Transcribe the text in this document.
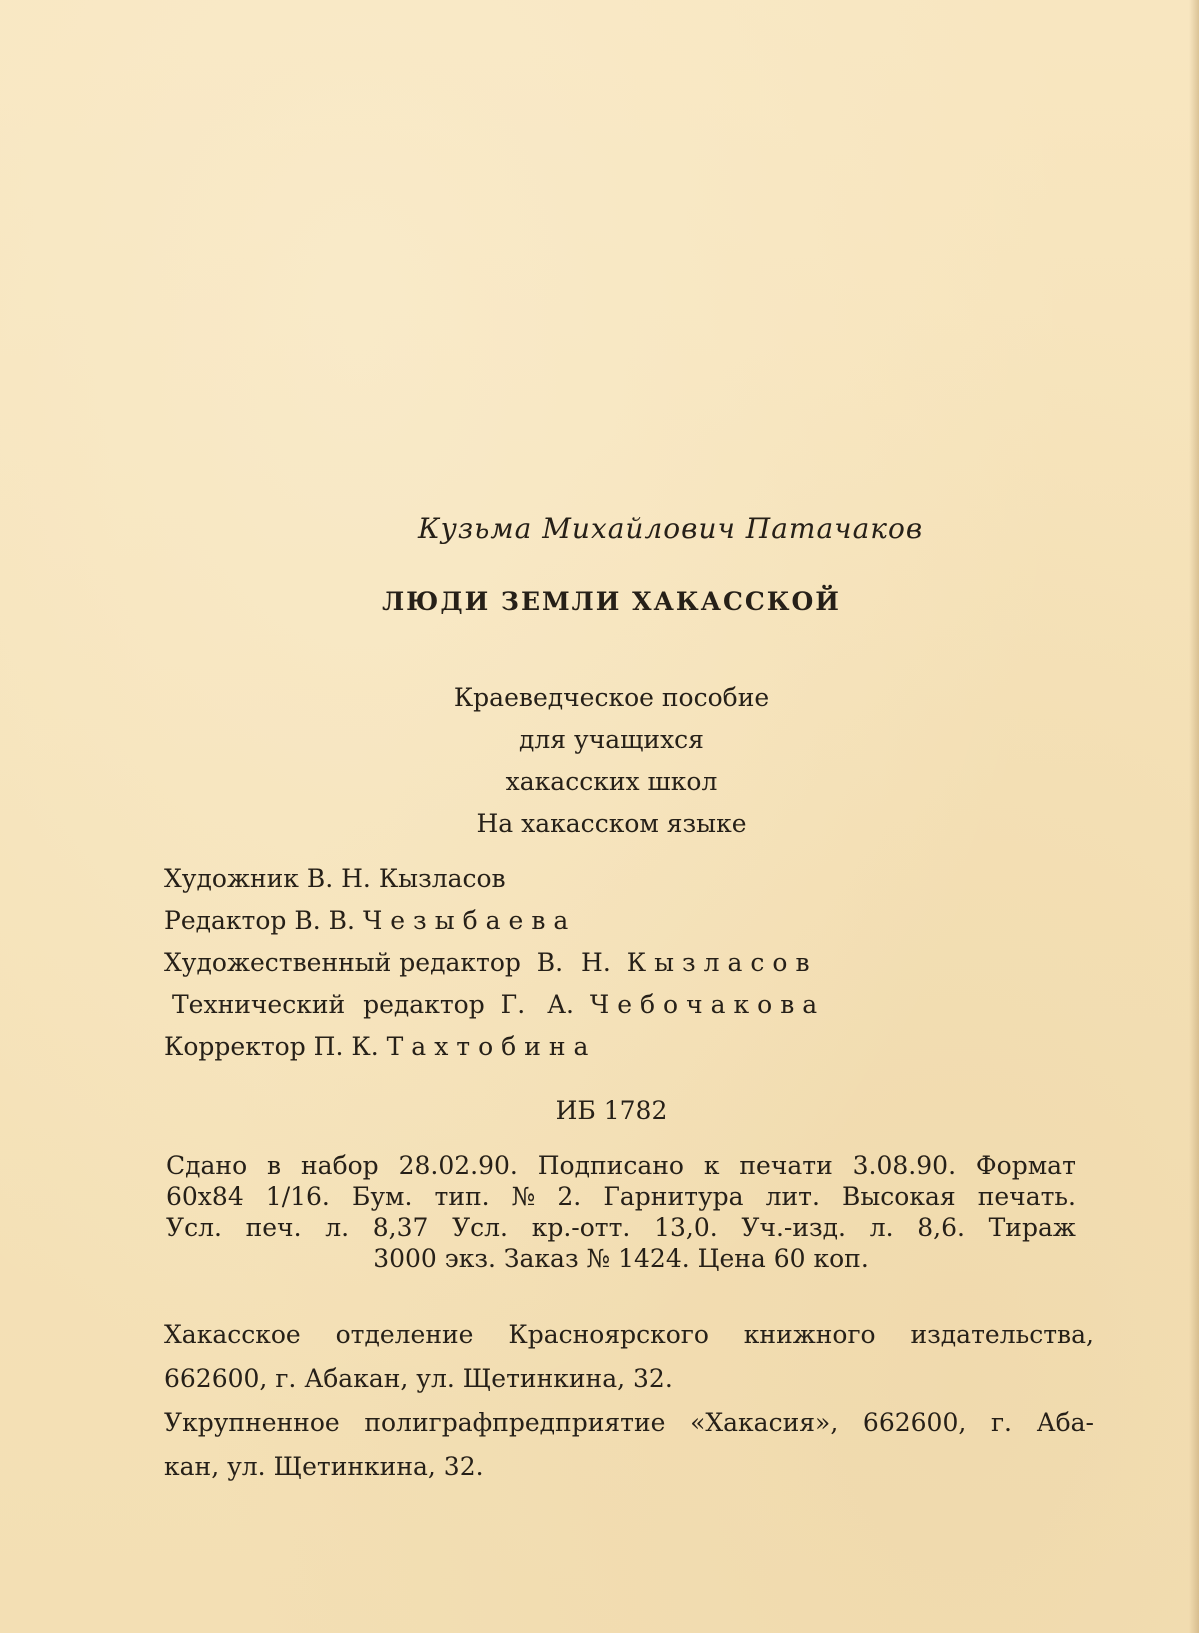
Кузьма Михайлович Патачаков
ЛЮДИ ЗЕМЛИ ХАКАССКОЙ
Краеведческое пособие
для учащихся
хакасских школ
На хакасском языке
Художник В. Н. Кызласов
Редактор В. В. Чезыбаева
Художественный редактор В. Н. Кызласов
Технический редактор Г. А. Чебочакова
Корректор П. К. Тахтобина
ИБ 1782
Сдано в набор 28.02.90. Подписано к печати 3.08.90. Формат
60x84 1/16. Бум. тип. № 2. Гарнитура лит. Высокая печать.
Усл. печ. л. 8,37 Усл. кр.-отт. 13,0. Уч.-изд. л. 8,6. Тираж
3000 экз. Заказ № 1424. Цена 60 коп.
Хакасское отделение Красноярского книжного издательства,
662600, г. Абакан, ул. Щетинкина, 32.
Укрупненное полиграфпредприятие «Хакасия», 662600, г. Аба-
кан, ул. Щетинкина, 32.
